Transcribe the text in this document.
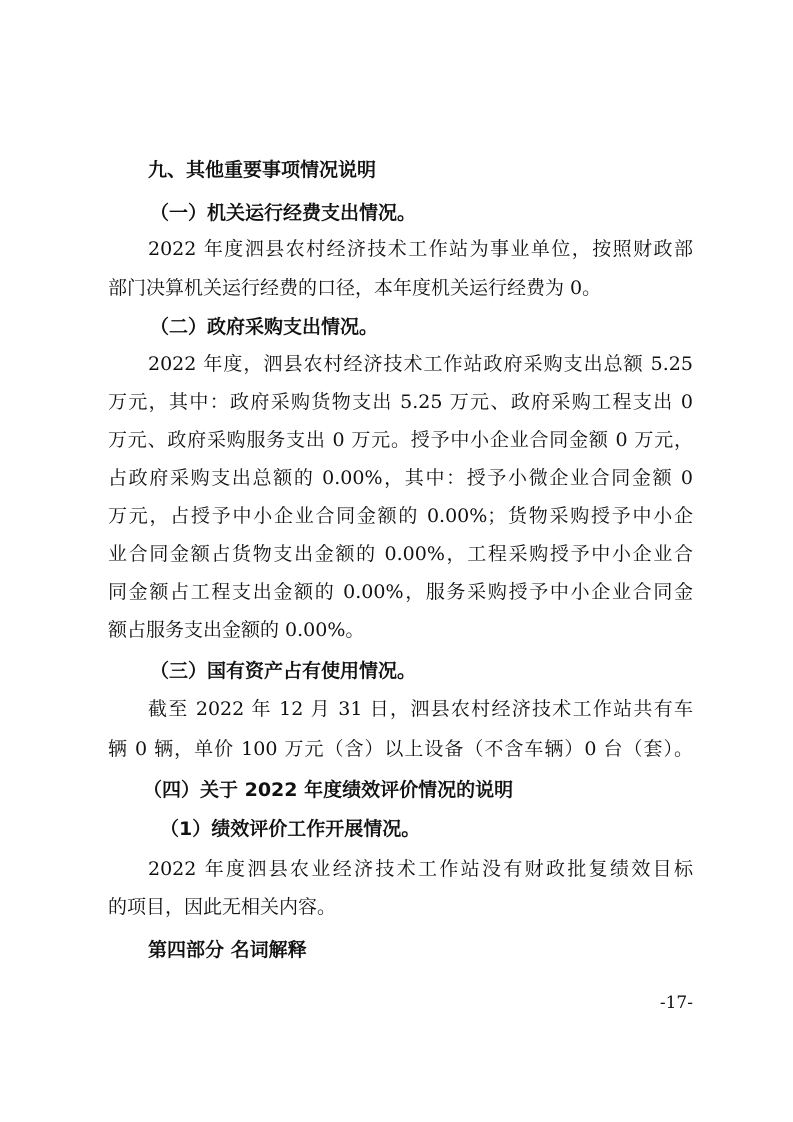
九、其他重要事项情况说明
（一）机关运行经费支出情况。
2022 年度泗县农村经济技术工作站为事业单位，按照财政部
部门决算机关运行经费的口径，本年度机关运行经费为 0。
（二）政府采购支出情况。
2022 年度，泗县农村经济技术工作站政府采购支出总额 5.25
万元，其中：政府采购货物支出 5.25 万元、政府采购工程支出 0
万元、政府采购服务支出 0 万元。授予中小企业合同金额 0 万元，
占政府采购支出总额的 0.00%，其中：授予小微企业合同金额 0
万元，占授予中小企业合同金额的 0.00%；货物采购授予中小企
业合同金额占货物支出金额的 0.00%，工程采购授予中小企业合
同金额占工程支出金额的 0.00%，服务采购授予中小企业合同金
额占服务支出金额的 0.00%。
（三）国有资产占有使用情况。
截至 2022 年 12 月 31 日，泗县农村经济技术工作站共有车
辆 0 辆，单价 100 万元（含）以上设备（不含车辆）0 台（套）。
（四）关于 2022 年度绩效评价情况的说明
（1）绩效评价工作开展情况。
2022 年度泗县农业经济技术工作站没有财政批复绩效目标
的项目，因此无相关内容。
第四部分 名词解释
-17-
